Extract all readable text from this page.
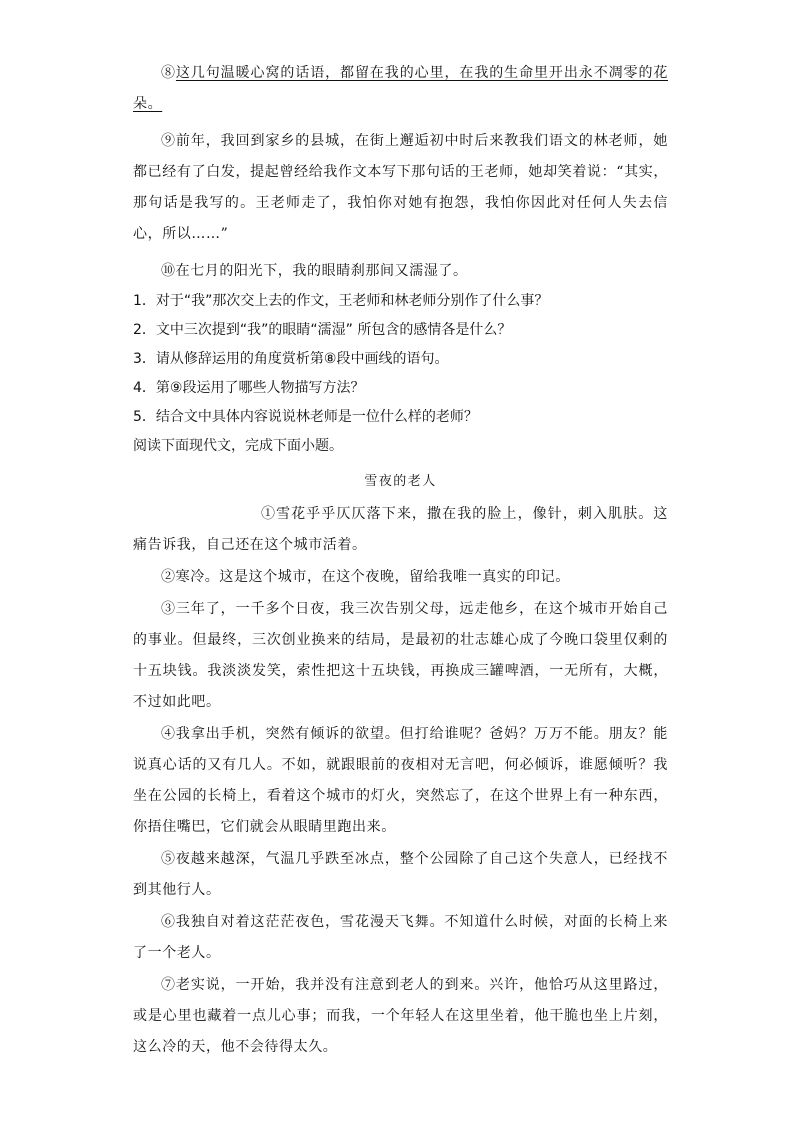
⑧这几句温暖心窝的话语，都留在我的心里，在我的生命里开出永不凋零的花朵。

⑨前年，我回到家乡的县城，在街上邂逅初中时后来教我们语文的林老师，她都已经有了白发，提起曾经给我作文本写下那句话的王老师，她却笑着说：“其实，那句话是我写的。王老师走了，我怕你对她有抱怨，我怕你因此对任何人失去信心，所以……”

⑩在七月的阳光下，我的眼睛刹那间又濡湿了。

1．对于“我”那次交上去的作文，王老师和林老师分别作了什么事？

2．文中三次提到“我”的眼睛“濡湿” 所包含的感情各是什么？

3．请从修辞运用的角度赏析第⑧段中画线的语句。

4．第⑨段运用了哪些人物描写方法？

5．结合文中具体内容说说林老师是一位什么样的老师？

阅读下面现代文，完成下面小题。

雪夜的老人

①雪花乎乎仄仄落下来，撒在我的脸上，像针，刺入肌肤。这痛告诉我，自己还在这个城市活着。

②寒冷。这是这个城市，在这个夜晚，留给我唯一真实的印记。

③三年了，一千多个日夜，我三次告别父母，远走他乡，在这个城市开始自己的事业。但最终，三次创业换来的结局，是最初的壮志雄心成了今晚口袋里仅剩的十五块钱。我淡淡发笑，索性把这十五块钱，再换成三罐啤酒，一无所有，大概，不过如此吧。

④我拿出手机，突然有倾诉的欲望。但打给谁呢？爸妈？万万不能。朋友？能说真心话的又有几人。不如，就跟眼前的夜相对无言吧，何必倾诉，谁愿倾听？我坐在公园的长椅上，看着这个城市的灯火，突然忘了，在这个世界上有一种东西，你捂住嘴巴，它们就会从眼睛里跑出来。

⑤夜越来越深，气温几乎跌至冰点，整个公园除了自己这个失意人，已经找不到其他行人。

⑥我独自对着这茫茫夜色，雪花漫天飞舞。不知道什么时候，对面的长椅上来了一个老人。

⑦老实说，一开始，我并没有注意到老人的到来。兴许，他恰巧从这里路过，或是心里也藏着一点儿心事；而我，一个年轻人在这里坐着，他干脆也坐上片刻，这么冷的天，他不会待得太久。
